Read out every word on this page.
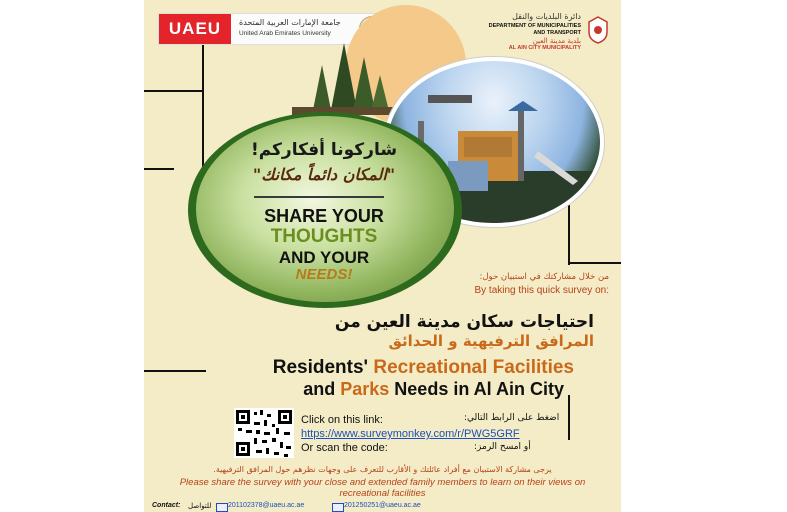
UAEU	جامعة الإمارات العربية المتحدة
United Arab Emirates University
دائرة البلديات والنقل
DEPARTMENT OF MUNICIPALITIES
AND TRANSPORT
بلدية مدينة العين
AL AIN CITY MUNICIPALITY
شاركونا أفكاركم!
"المكان دائماً مكانك"
SHARE YOUR
THOUGHTS
AND YOUR
NEEDS!	من خلال مشاركتك في استبيان حول:
By taking this quick survey on:
احتياجات سكان مدينة العين من
المرافق الترفيهية و الحدائق
Residents' Recreational Facilities
and Parks Needs in Al Ain City
Click on this link:	اضغط على الرابط التالي:
https://www.surveymonkey.com/r/PWG5GRF
Or scan the code:	أو امسح الرمز:
يرجى مشاركة الاستبيان مع أفراد عائلتك و الأقارب للتعرف على وجهات نظرهم حول المرافق الترفيهية.
Please share the survey with your close and extended family members to learn on their views on recreational facilities
Contact: للتواصل 201102378@uaeu.ac.ae	201250251@uaeu.ac.ae
